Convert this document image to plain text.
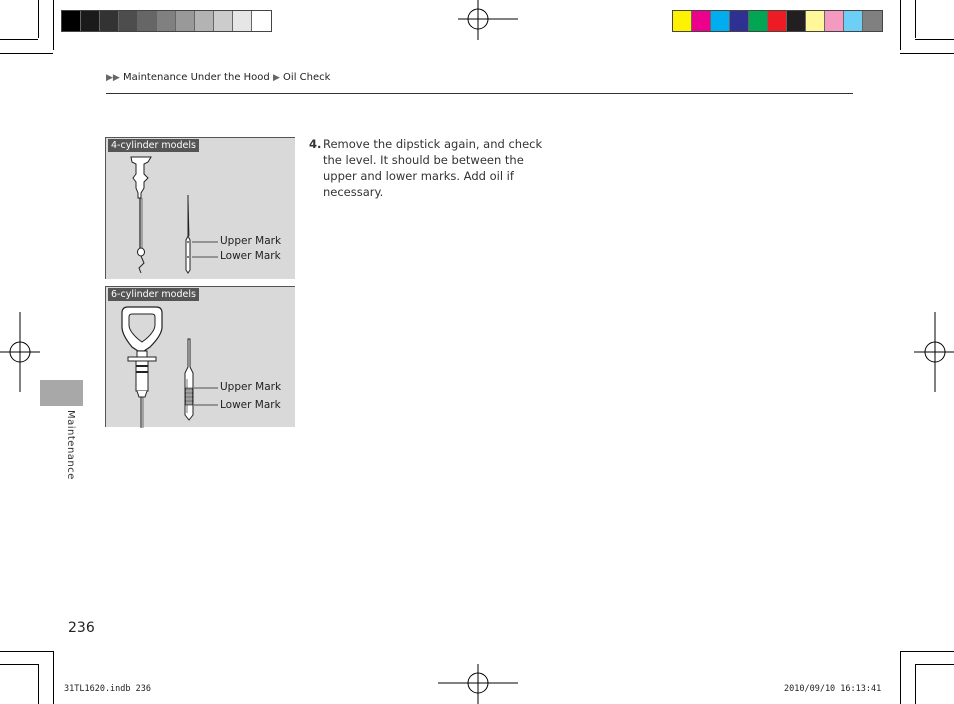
▶▶ Maintenance Under the Hood ▶ Oil Check
4-cylinder models
Upper Mark
Lower Mark
6-cylinder models
Upper Mark
Lower Mark
4. Remove the dipstick again, and check the level. It should be between the upper and lower marks. Add oil if necessary.
Maintenance
236
31TL1620.indb 236	2010/09/10 16:13:41
